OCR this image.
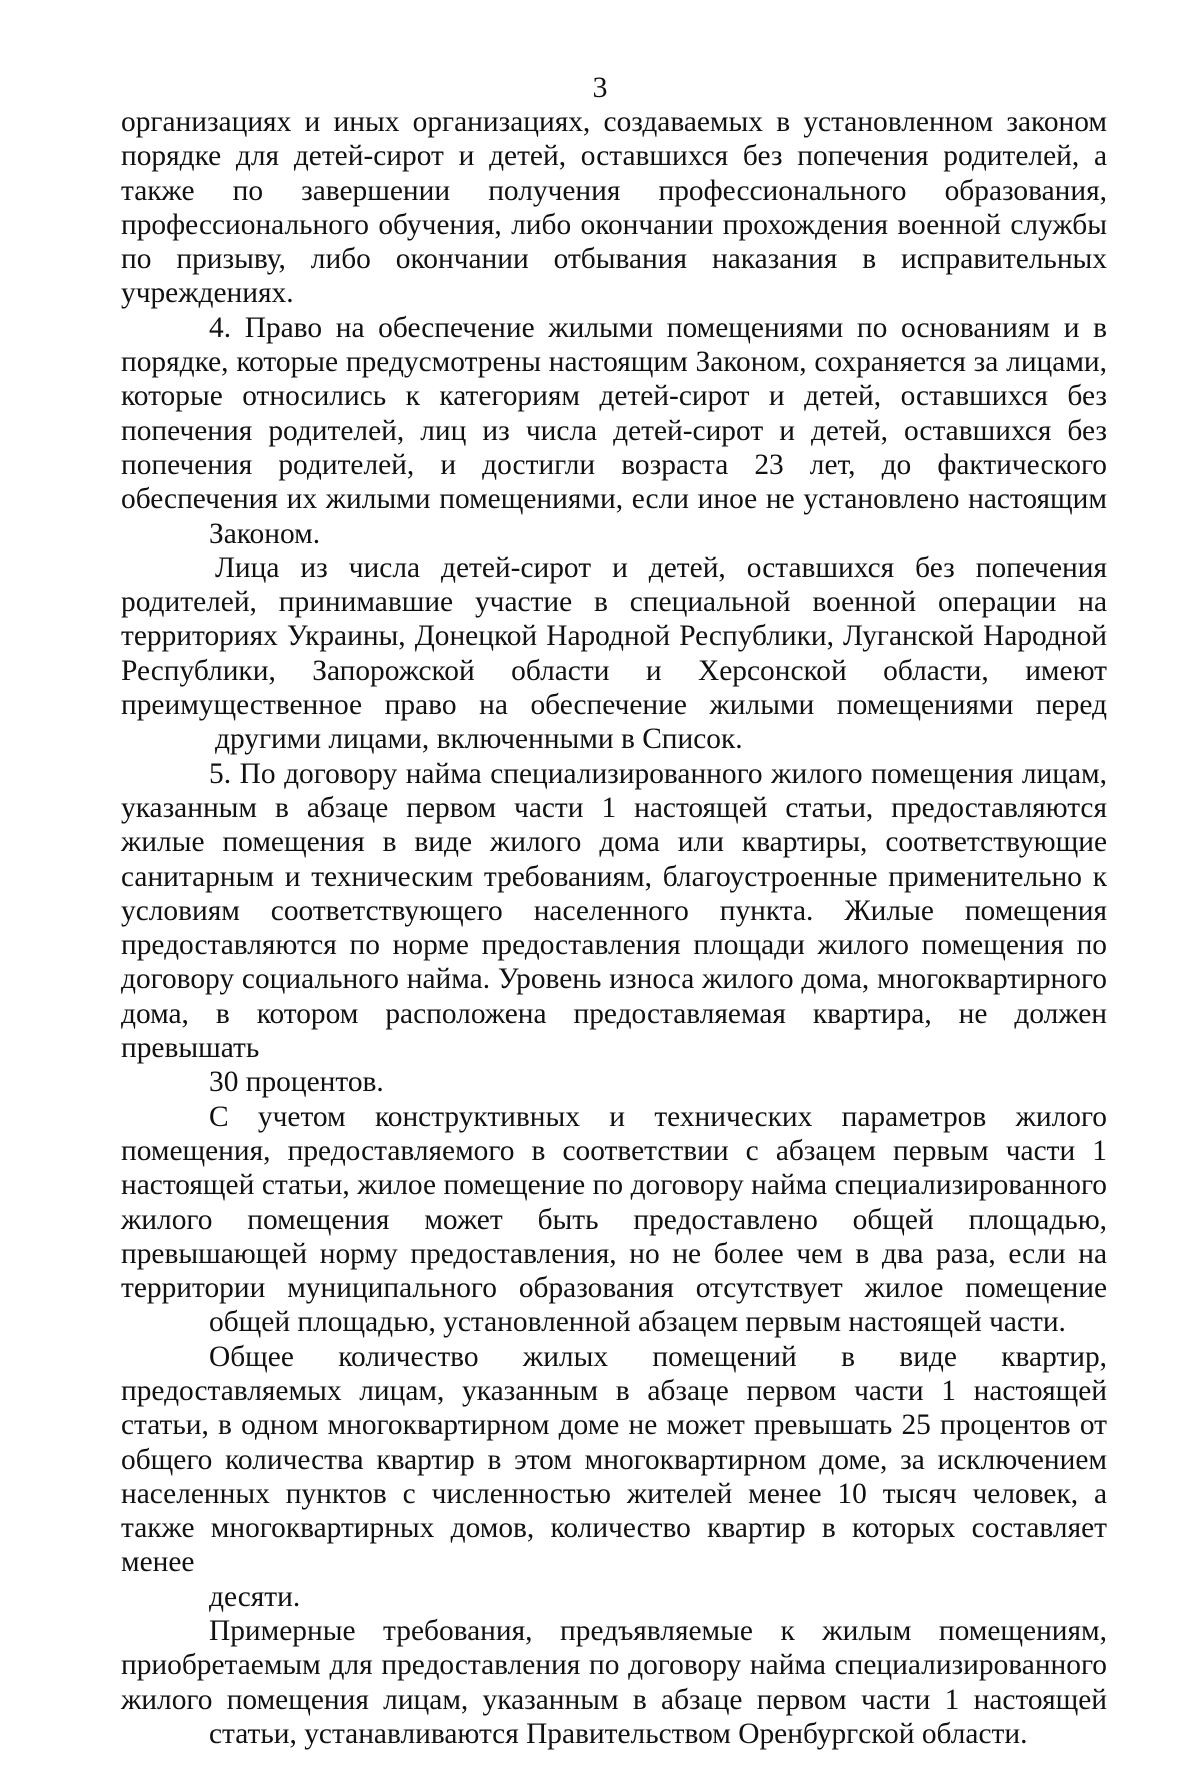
3

организациях и иных организациях, создаваемых в установленном законом порядке для детей-сирот и детей, оставшихся без попечения родителей, а также по завершении получения профессионального образования, профессионального обучения, либо окончании прохождения военной службы по призыву, либо окончании отбывания наказания в исправительных
учреждениях.

4. Право на обеспечение жилыми помещениями по основаниям и в порядке, которые предусмотрены настоящим Законом, сохраняется за лицами, которые относились к категориям детей-сирот и детей, оставшихся без попечения родителей, лиц из числа детей-сирот и детей, оставшихся без попечения родителей, и достигли возраста 23 лет, до фактического обеспечения их жилыми помещениями, если иное не установлено настоящим
Законом.

Лица из числа детей-сирот и детей, оставшихся без попечения родителей, принимавшие участие в специальной военной операции на территориях Украины, Донецкой Народной Республики, Луганской Народной Республики, Запорожской области и Херсонской области, имеют преимущественное право на обеспечение жилыми помещениями перед
другими лицами, включенными в Список.

5. По договору найма специализированного жилого помещения лицам, указанным в абзаце первом части 1 настоящей статьи, предоставляются жилые помещения в виде жилого дома или квартиры, соответствующие санитарным и техническим требованиям, благоустроенные применительно к условиям соответствующего населенного пункта. Жилые помещения предоставляются по норме предоставления площади жилого помещения по договору социального найма. Уровень износа жилого дома, многоквартирного дома, в котором расположена предоставляемая квартира, не должен превышать
30 процентов.

С учетом конструктивных и технических параметров жилого помещения, предоставляемого в соответствии с абзацем первым части 1 настоящей статьи, жилое помещение по договору найма специализированного жилого помещения может быть предоставлено общей площадью, превышающей норму предоставления, но не более чем в два раза, если на территории муниципального образования отсутствует жилое помещение
общей площадью, установленной абзацем первым настоящей части.

Общее количество жилых помещений в виде квартир, предоставляемых лицам, указанным в абзаце первом части 1 настоящей статьи, в одном многоквартирном доме не может превышать 25 процентов от общего количества квартир в этом многоквартирном доме, за исключением населенных пунктов с численностью жителей менее 10 тысяч человек, а также многоквартирных домов, количество квартир в которых составляет менее
десяти.

Примерные требования, предъявляемые к жилым помещениям, приобретаемым для предоставления по договору найма специализированного жилого помещения лицам, указанным в абзаце первом части 1 настоящей
статьи, устанавливаются Правительством Оренбургской области.
